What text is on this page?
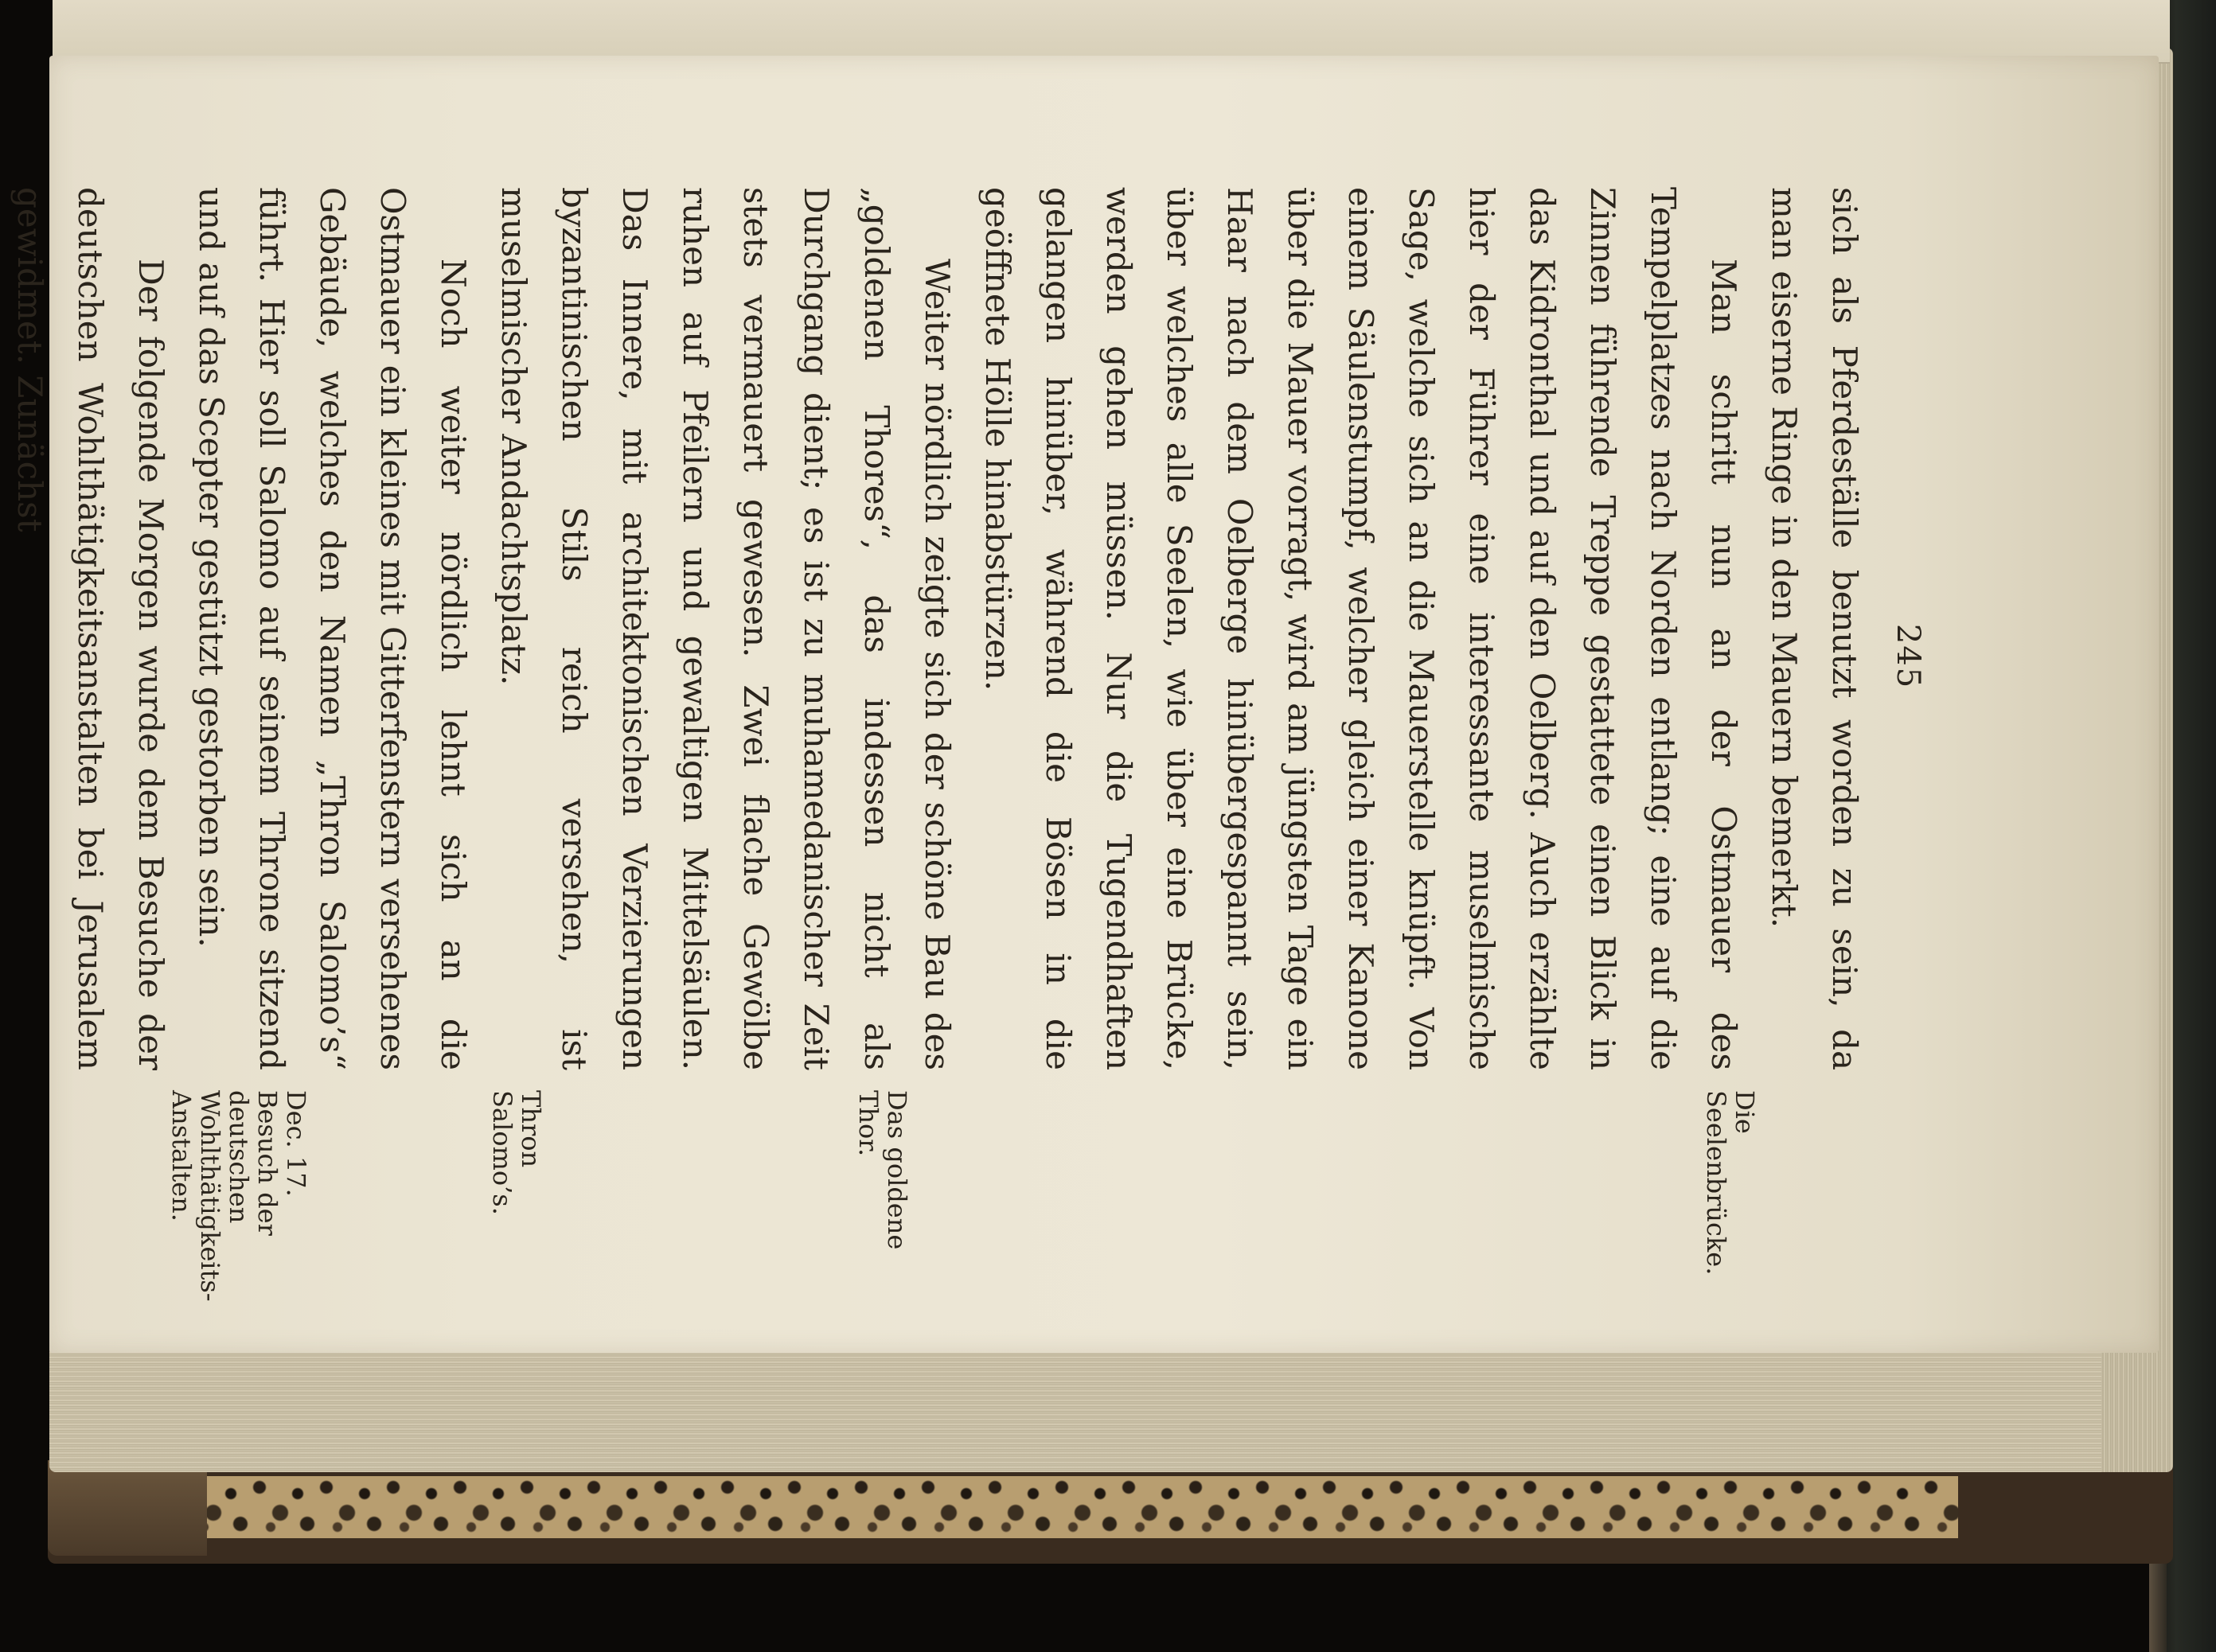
245

sich als Pferdeställe benutzt worden zu sein, da man eiserne Ringe in den Mauern bemerkt.

Man schritt nun an der Ostmauer des Tempelplatzes nach Norden entlang; eine auf die Zinnen führende Treppe gestattete einen Blick in das Kidronthal und auf den Oelberg. Auch erzählte hier der Führer eine interessante muselmische Sage, welche sich an die Mauerstelle knüpft. Von einem Säulenstumpf, welcher gleich einer Kanone über die Mauer vorragt, wird am jüngsten Tage ein Haar nach dem Oelberge hinübergespannt sein, über welches alle Seelen, wie über eine Brücke, werden gehen müssen. Nur die Tugendhaften gelangen hinüber, während die Bösen in die geöffnete Hölle hinabstürzen.

Weiter nördlich zeigte sich der schöne Bau des „goldenen Thores“, das indessen nicht als Durchgang dient; es ist zu muhamedanischer Zeit stets vermauert gewesen. Zwei flache Gewölbe ruhen auf Pfeilern und gewaltigen Mittelsäulen. Das Innere, mit architektonischen Verzierungen byzantinischen Stils reich versehen, ist muselmischer Andachtsplatz.

Noch weiter nördlich lehnt sich an die Ostmauer ein kleines mit Gitterfenstern versehenes Gebäude, welches den Namen „Thron Salomo’s“ führt. Hier soll Salomo auf seinem Throne sitzend und auf das Scepter gestützt gestorben sein.

Der folgende Morgen wurde dem Besuche der deutschen Wohlthätigkeitsanstalten bei Jerusalem gewidmet. Zunächst

Die Seelenbrücke.
Das goldene Thor.
Thron Salomo’s.
Dec. 17. Besuch der deutschen Wohlthätigkeits-Anstalten.
